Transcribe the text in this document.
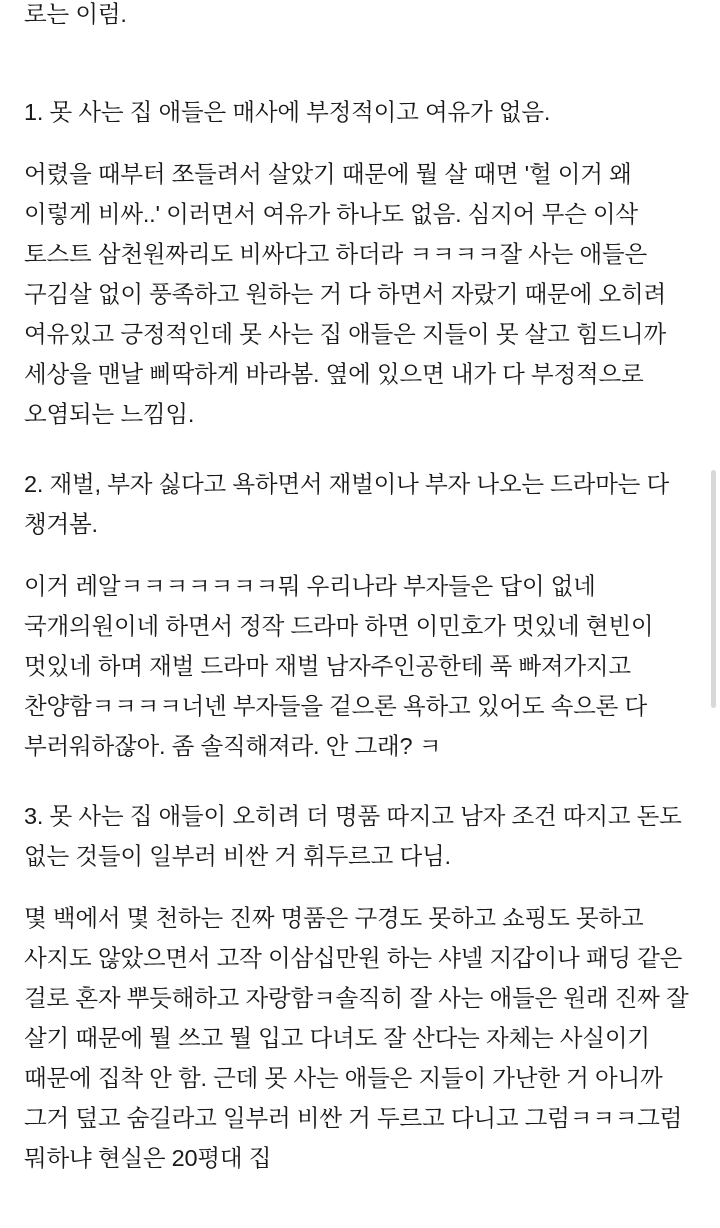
로는 이럼.

1. 못 사는 집 애들은 매사에 부정적이고 여유가 없음.

어렸을 때부터 쪼들려서 살았기 때문에 뭘 살 때면 '헐 이거 왜 이렇게 비싸..' 이러면서 여유가 하나도 없음. 심지어 무슨 이삭 토스트 삼천원짜리도 비싸다고 하더라 ㅋㅋㅋㅋ잘 사는 애들은 구김살 없이 풍족하고 원하는 거 다 하면서 자랐기 때문에 오히려 여유있고 긍정적인데 못 사는 집 애들은 지들이 못 살고 힘드니까 세상을 맨날 삐딱하게 바라봄. 옆에 있으면 내가 다 부정적으로 오염되는 느낌임.

2. 재벌, 부자 싫다고 욕하면서 재벌이나 부자 나오는 드라마는 다 챙겨봄.

이거 레알ㅋㅋㅋㅋㅋㅋㅋ뭐 우리나라 부자들은 답이 없네 국개의원이네 하면서 정작 드라마 하면 이민호가 멋있네 현빈이 멋있네 하며 재벌 드라마 재벌 남자주인공한테 푹 빠져가지고 찬양함ㅋㅋㅋㅋ너넨 부자들을 겉으론 욕하고 있어도 속으론 다 부러워하잖아. 좀 솔직해져라. 안 그래? ㅋ

3. 못 사는 집 애들이 오히려 더 명품 따지고 남자 조건 따지고 돈도 없는 것들이 일부러 비싼 거 휘두르고 다님.

몇 백에서 몇 천하는 진짜 명품은 구경도 못하고 쇼핑도 못하고 사지도 않았으면서 고작 이삼십만원 하는 샤넬 지갑이나 패딩 같은 걸로 혼자 뿌듯해하고 자랑함ㅋ솔직히 잘 사는 애들은 원래 진짜 잘 살기 때문에 뭘 쓰고 뭘 입고 다녀도 잘 산다는 자체는 사실이기 때문에 집착 안 함. 근데 못 사는 애들은 지들이 가난한 거 아니까 그거 덮고 숨길라고 일부러 비싼 거 두르고 다니고 그럼ㅋㅋㅋ그럼 뭐하냐 현실은 20평대 집
